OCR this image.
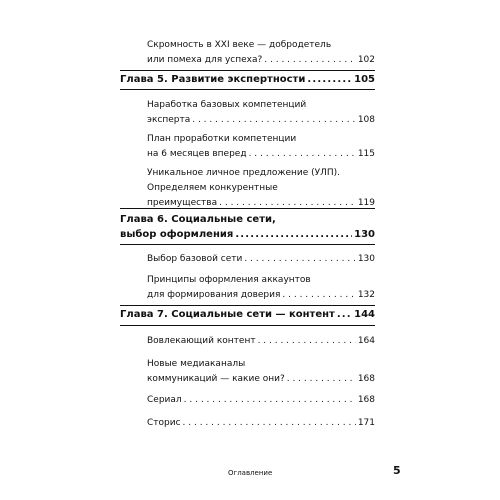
Скромность в XXI веке — добродетель
или помеха для успеха? . . .	102
Глава 5. Развитие экспертности .....	105
Наработка базовых компетенций
эксперта . . .	108
План проработки компетенции
на 6 месяцев вперед . . .	115
Уникальное личное предложение (УЛП).
Определяем конкурентные
преимущества . . .	119
Глава 6. Социальные сети,
выбор оформления .....	130
Выбор базовой сети . . .	130
Принципы оформления аккаунтов
для формирования доверия . . .	132
Глава 7. Социальные сети — контент ..... 144
Вовлекающий контент . . .	164
Новые медиаканалы
коммуникаций — какие они? . . .	168
Сериал . . .	168
Сторис . . .	171
Оглавление	5
